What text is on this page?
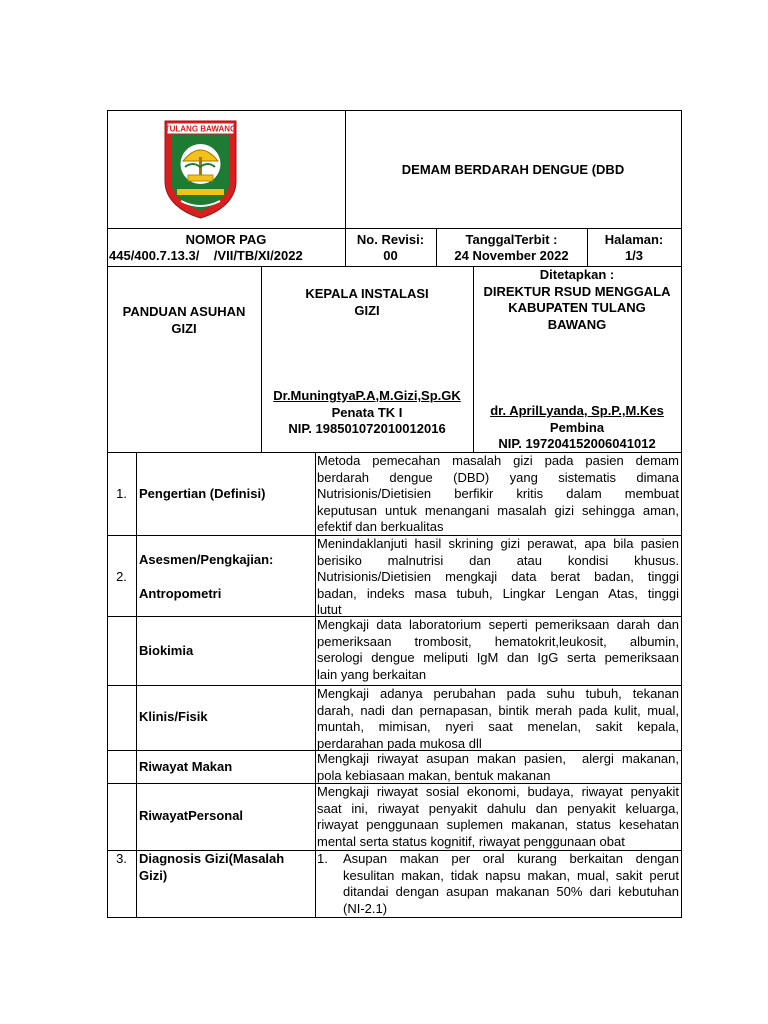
TULANG BAWANG
DEMAM BERDARAH DENGUE (DBD
NOMOR PAG
445/400.7.13.3/    /VII/TB/XI/2022
No. Revisi:
00
TanggalTerbit :
24 November 2022
Halaman:
1/3
PANDUAN ASUHAN
GIZI
KEPALA INSTALASI
GIZI
Dr.MuningtyaP.A,M.Gizi,Sp.GK
Penata TK I
NIP. 198501072010012016
Ditetapkan :
DIREKTUR RSUD MENGGALA
KABUPATEN TULANG
BAWANG
dr. AprilLyanda, Sp.P.,M.Kes
Pembina
NIP. 197204152006041012
1. Pengertian (Definisi)
Metoda pemecahan masalah gizi pada pasien demam
berdarah dengue (DBD) yang sistematis dimana
Nutrisionis/Dietisien berfikir kritis dalam membuat
keputusan untuk menangani masalah gizi sehingga aman,
efektif dan berkualitas
2.
Asesmen/Pengkajian:
Antropometri
Menindaklanjuti hasil skrining gizi perawat, apa bila pasien
berisiko malnutrisi dan atau kondisi khusus.
Nutrisionis/Dietisien mengkaji data berat badan, tinggi
badan, indeks masa tubuh, Lingkar Lengan Atas, tinggi
lutut
Biokimia
Mengkaji data laboratorium seperti pemeriksaan darah dan
pemeriksaan trombosit, hematokrit,leukosit, albumin,
serologi dengue meliputi IgM dan IgG serta pemeriksaan
lain yang berkaitan
Klinis/Fisik
Mengkaji adanya perubahan pada suhu tubuh, tekanan
darah, nadi dan pernapasan, bintik merah pada kulit, mual,
muntah, mimisan, nyeri saat menelan, sakit kepala,
perdarahan pada mukosa dll
Riwayat Makan
Mengkaji riwayat asupan makan pasien,  alergi makanan,
pola kebiasaan makan, bentuk makanan
RiwayatPersonal
Mengkaji riwayat sosial ekonomi, budaya, riwayat penyakit
saat ini, riwayat penyakit dahulu dan penyakit keluarga,
riwayat penggunaan suplemen makanan, status kesehatan
mental serta status kognitif, riwayat penggunaan obat
3. Diagnosis Gizi(Masalah
Gizi)
1.	Asupan makan per oral kurang berkaitan dengan
kesulitan makan, tidak napsu makan, mual, sakit perut
ditandai dengan asupan makanan 50% dari kebutuhan
(NI-2.1)
